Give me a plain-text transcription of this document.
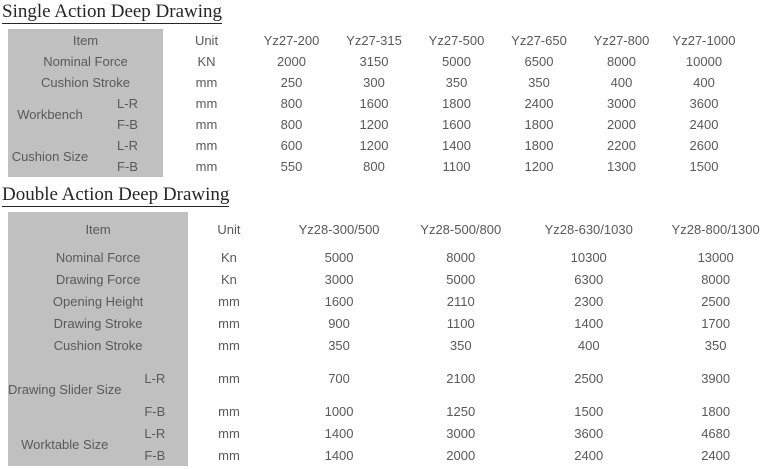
Single Action Deep Drawing
Item		Unit	Yz27-200	Yz27-315	Yz27-500	Yz27-650	Yz27-800	Yz27-1000
Nominal Force		KN	2000	3150	5000	6500	8000	10000
Cushion Stroke		mm	250	300	350	350	400	400
Workbench	L-R	mm	800	1600	1800	2400	3000	3600
	F-B	mm	800	1200	1600	1800	2000	2400
Cushion Size	L-R	mm	600	1200	1400	1800	2200	2600
	F-B	mm	550	800	1100	1200	1300	1500
Double Action Deep Drawing
Item		Unit	Yz28-300/500	Yz28-500/800	Yz28-630/1030	Yz28-800/1300
Nominal Force		Kn	5000	8000	10300	13000
Drawing Force		Kn	3000	5000	6300	8000
Opening Height		mm	1600	2110	2300	2500
Drawing Stroke		mm	900	1100	1400	1700
Cushion Stroke		mm	350	350	400	350
Drawing Slider Size	L-R	mm	700	2100	2500	3900
	F-B	mm	1000	1250	1500	1800
Worktable Size	L-R	mm	1400	3000	3600	4680
	F-B	mm	1400	2000	2400	2400
